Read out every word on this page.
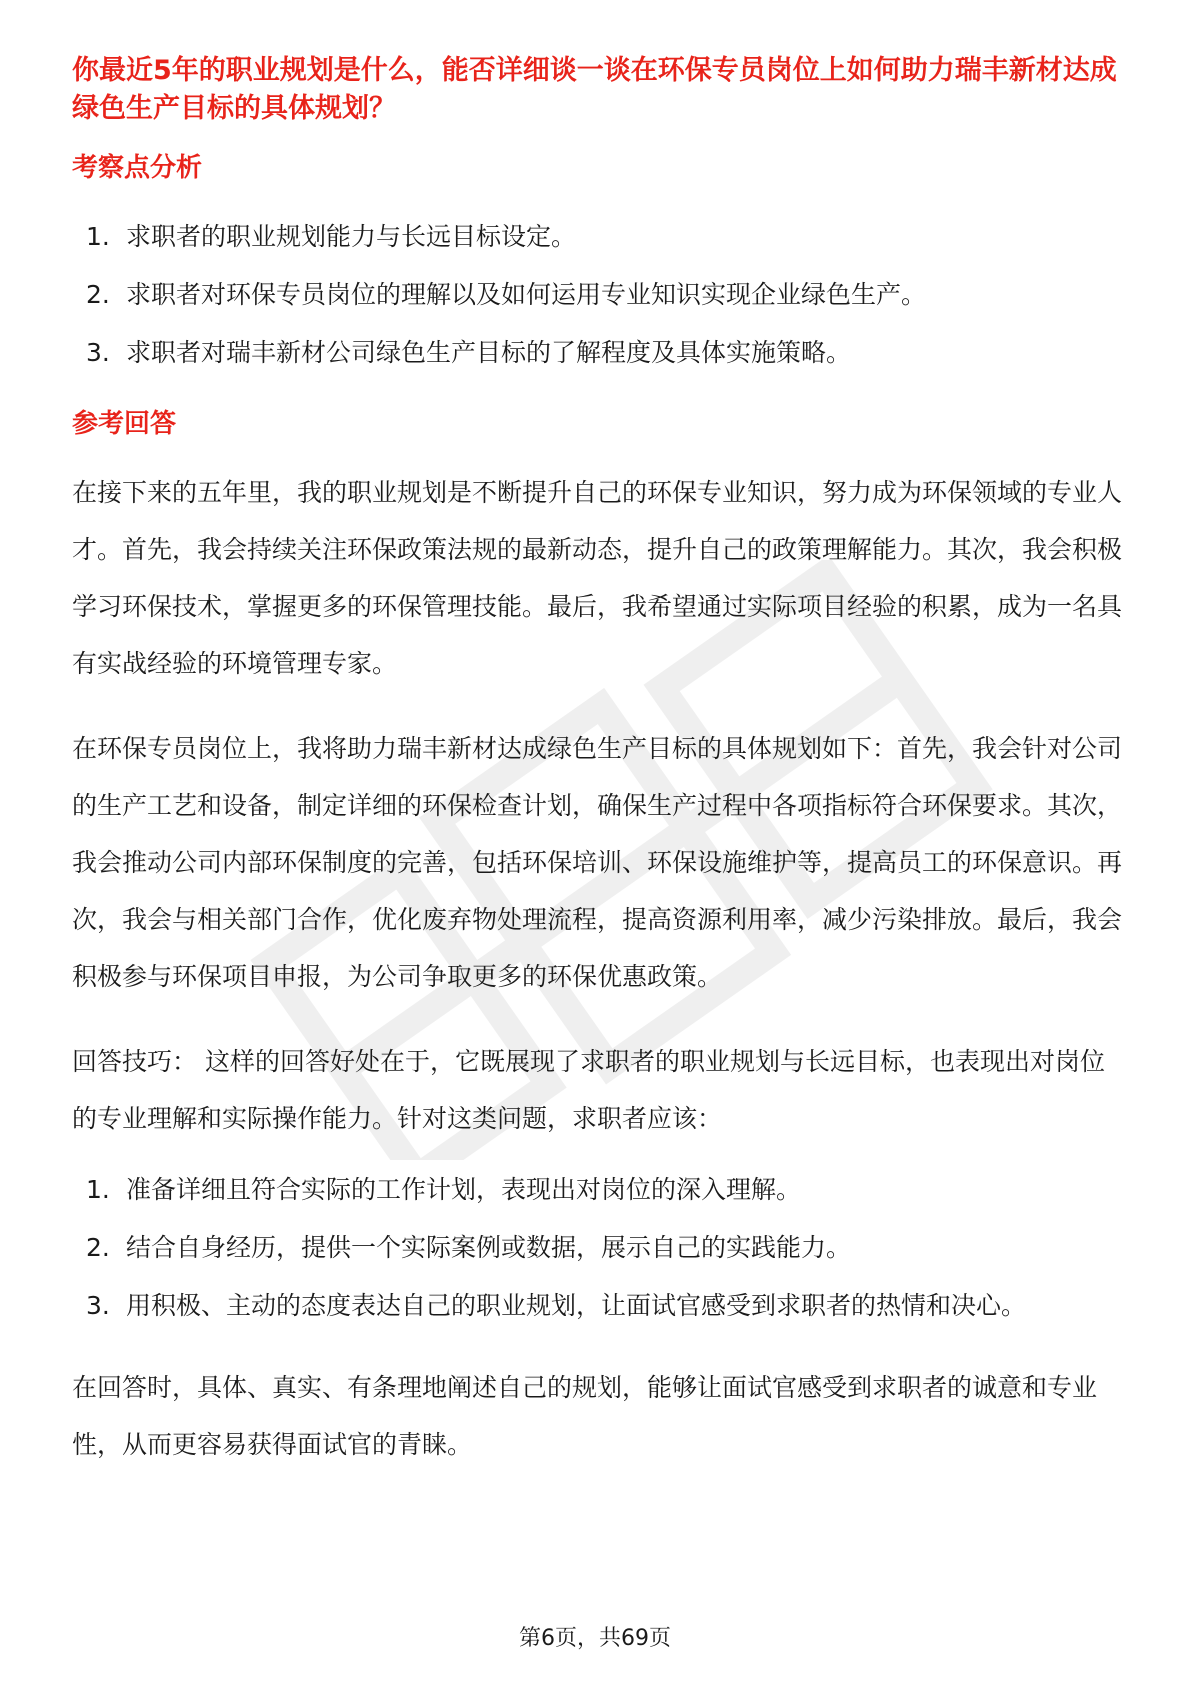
你最近5年的职业规划是什么，能否详细谈一谈在环保专员岗位上如何助力瑞丰新材达成绿色生产目标的具体规划？
考察点分析
1. 求职者的职业规划能力与长远目标设定。
2. 求职者对环保专员岗位的理解以及如何运用专业知识实现企业绿色生产。
3. 求职者对瑞丰新材公司绿色生产目标的了解程度及具体实施策略。
参考回答

在接下来的五年里，我的职业规划是不断提升自己的环保专业知识，努力成为环保领域的专业人才。首先，我会持续关注环保政策法规的最新动态，提升自己的政策理解能力。其次，我会积极学习环保技术，掌握更多的环保管理技能。最后，我希望通过实际项目经验的积累，成为一名具有实战经验的环境管理专家。

在环保专员岗位上，我将助力瑞丰新材达成绿色生产目标的具体规划如下：首先，我会针对公司的生产工艺和设备，制定详细的环保检查计划，确保生产过程中各项指标符合环保要求。其次，我会推动公司内部环保制度的完善，包括环保培训、环保设施维护等，提高员工的环保意识。再次，我会与相关部门合作，优化废弃物处理流程，提高资源利用率，减少污染排放。最后，我会积极参与环保项目申报，为公司争取更多的环保优惠政策。

回答技巧： 这样的回答好处在于，它既展现了求职者的职业规划与长远目标，也表现出对岗位的专业理解和实际操作能力。针对这类问题，求职者应该：

1. 准备详细且符合实际的工作计划，表现出对岗位的深入理解。
2. 结合自身经历，提供一个实际案例或数据，展示自己的实践能力。
3. 用积极、主动的态度表达自己的职业规划，让面试官感受到求职者的热情和决心。

在回答时，具体、真实、有条理地阐述自己的规划，能够让面试官感受到求职者的诚意和专业性，从而更容易获得面试官的青睐。

第6页，共69页
